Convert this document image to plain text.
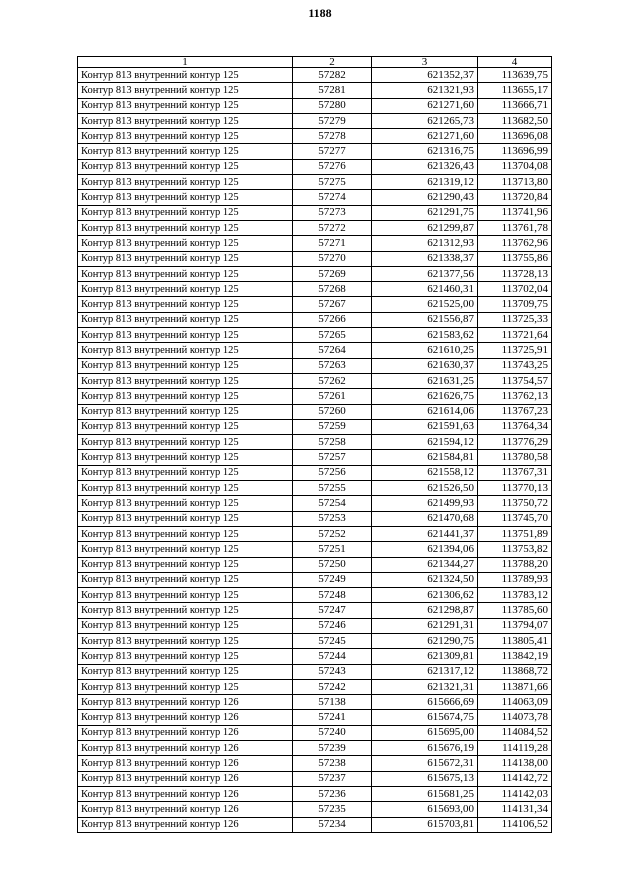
1188
1	2	3	4
Контур 813 внутренний контур 125	57282	621352,37	113639,75
Контур 813 внутренний контур 125	57281	621321,93	113655,17
Контур 813 внутренний контур 125	57280	621271,60	113666,71
Контур 813 внутренний контур 125	57279	621265,73	113682,50
Контур 813 внутренний контур 125	57278	621271,60	113696,08
Контур 813 внутренний контур 125	57277	621316,75	113696,99
Контур 813 внутренний контур 125	57276	621326,43	113704,08
Контур 813 внутренний контур 125	57275	621319,12	113713,80
Контур 813 внутренний контур 125	57274	621290,43	113720,84
Контур 813 внутренний контур 125	57273	621291,75	113741,96
Контур 813 внутренний контур 125	57272	621299,87	113761,78
Контур 813 внутренний контур 125	57271	621312,93	113762,96
Контур 813 внутренний контур 125	57270	621338,37	113755,86
Контур 813 внутренний контур 125	57269	621377,56	113728,13
Контур 813 внутренний контур 125	57268	621460,31	113702,04
Контур 813 внутренний контур 125	57267	621525,00	113709,75
Контур 813 внутренний контур 125	57266	621556,87	113725,33
Контур 813 внутренний контур 125	57265	621583,62	113721,64
Контур 813 внутренний контур 125	57264	621610,25	113725,91
Контур 813 внутренний контур 125	57263	621630,37	113743,25
Контур 813 внутренний контур 125	57262	621631,25	113754,57
Контур 813 внутренний контур 125	57261	621626,75	113762,13
Контур 813 внутренний контур 125	57260	621614,06	113767,23
Контур 813 внутренний контур 125	57259	621591,63	113764,34
Контур 813 внутренний контур 125	57258	621594,12	113776,29
Контур 813 внутренний контур 125	57257	621584,81	113780,58
Контур 813 внутренний контур 125	57256	621558,12	113767,31
Контур 813 внутренний контур 125	57255	621526,50	113770,13
Контур 813 внутренний контур 125	57254	621499,93	113750,72
Контур 813 внутренний контур 125	57253	621470,68	113745,70
Контур 813 внутренний контур 125	57252	621441,37	113751,89
Контур 813 внутренний контур 125	57251	621394,06	113753,82
Контур 813 внутренний контур 125	57250	621344,27	113788,20
Контур 813 внутренний контур 125	57249	621324,50	113789,93
Контур 813 внутренний контур 125	57248	621306,62	113783,12
Контур 813 внутренний контур 125	57247	621298,87	113785,60
Контур 813 внутренний контур 125	57246	621291,31	113794,07
Контур 813 внутренний контур 125	57245	621290,75	113805,41
Контур 813 внутренний контур 125	57244	621309,81	113842,19
Контур 813 внутренний контур 125	57243	621317,12	113868,72
Контур 813 внутренний контур 125	57242	621321,31	113871,66
Контур 813 внутренний контур 126	57138	615666,69	114063,09
Контур 813 внутренний контур 126	57241	615674,75	114073,78
Контур 813 внутренний контур 126	57240	615695,00	114084,52
Контур 813 внутренний контур 126	57239	615676,19	114119,28
Контур 813 внутренний контур 126	57238	615672,31	114138,00
Контур 813 внутренний контур 126	57237	615675,13	114142,72
Контур 813 внутренний контур 126	57236	615681,25	114142,03
Контур 813 внутренний контур 126	57235	615693,00	114131,34
Контур 813 внутренний контур 126	57234	615703,81	114106,52
